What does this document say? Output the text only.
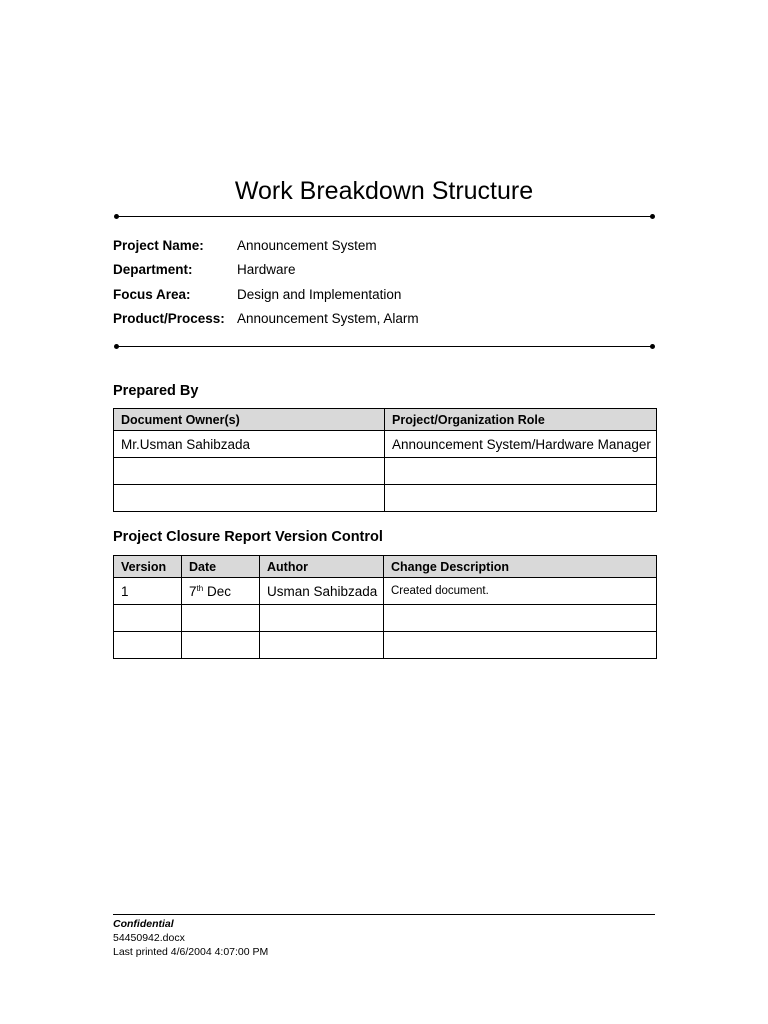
Work Breakdown Structure
Project Name: Announcement System
Department:	Hardware
Focus Area:	Design and Implementation
Product/Process: Announcement System, Alarm
Prepared By
Document Owner(s)	Project/Organization Role
Mr.Usman Sahibzada	Announcement System/Hardware Manager

Project Closure Report Version Control
Version	Date	Author	Change Description
1	7th Dec	Usman Sahibzada	Created document.

Confidential
54450942.docx
Last printed 4/6/2004 4:07:00 PM
